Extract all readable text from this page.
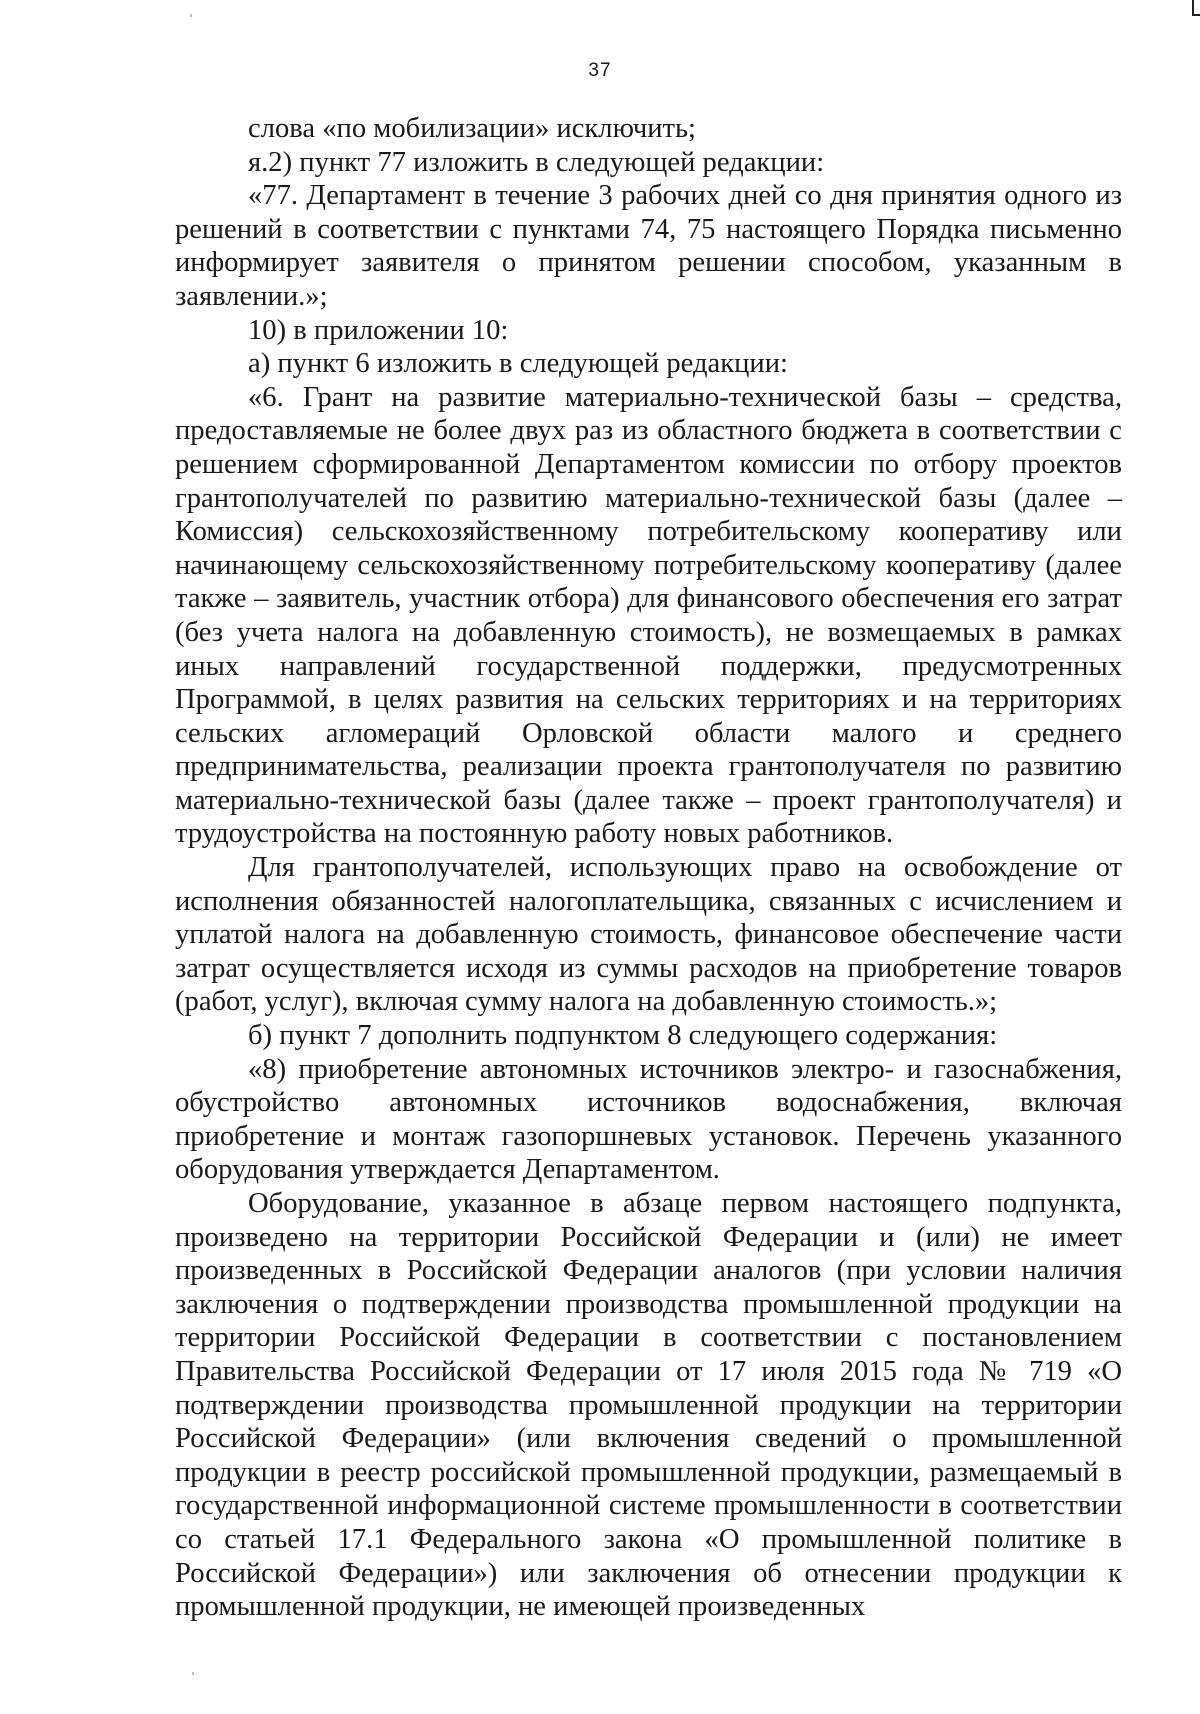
37

слова «по мобилизации» исключить;

я.2) пункт 77 изложить в следующей редакции:

«77. Департамент в течение 3 рабочих дней со дня принятия одного из решений в соответствии с пунктами 74, 75 настоящего Порядка письменно информирует заявителя о принятом решении способом, указанным в заявлении.»;

10) в приложении 10:

а) пункт 6 изложить в следующей редакции:

«6. Грант на развитие материально-технической базы – средства, предоставляемые не более двух раз из областного бюджета в соответствии с решением сформированной Департаментом комиссии по отбору проектов грантополучателей по развитию материально-технической базы (далее – Комиссия) сельскохозяйственному потребительскому кооперативу или начинающему сельскохозяйственному потребительскому кооперативу (далее также – заявитель, участник отбора) для финансового обеспечения его затрат (без учета налога на добавленную стоимость), не возмещаемых в рамках иных направлений государственной поддержки, предусмотренных Программой, в целях развития на сельских территориях и на территориях сельских агломераций Орловской области малого и среднего предпринимательства, реализации проекта грантополучателя по развитию материально-технической базы (далее также – проект грантополучателя) и трудоустройства на постоянную работу новых работников.

Для грантополучателей, использующих право на освобождение от исполнения обязанностей налогоплательщика, связанных с исчислением и уплатой налога на добавленную стоимость, финансовое обеспечение части затрат осуществляется исходя из суммы расходов на приобретение товаров (работ, услуг), включая сумму налога на добавленную стоимость.»;

б) пункт 7 дополнить подпунктом 8 следующего содержания:

«8) приобретение автономных источников электро- и газоснабжения, обустройство автономных источников водоснабжения, включая приобретение и монтаж газопоршневых установок. Перечень указанного оборудования утверждается Департаментом.

Оборудование, указанное в абзаце первом настоящего подпункта, произведено на территории Российской Федерации и (или) не имеет произведенных в Российской Федерации аналогов (при условии наличия заключения о подтверждении производства промышленной продукции на территории Российской Федерации в соответствии с постановлением Правительства Российской Федерации от 17 июля 2015 года № 719 «О подтверждении производства промышленной продукции на территории Российской Федерации» (или включения сведений о промышленной продукции в реестр российской промышленной продукции, размещаемый в государственной информационной системе промышленности в соответствии со статьей 17.1 Федерального закона «О промышленной политике в Российской Федерации») или заключения об отнесении продукции к промышленной продукции, не имеющей произведенных
